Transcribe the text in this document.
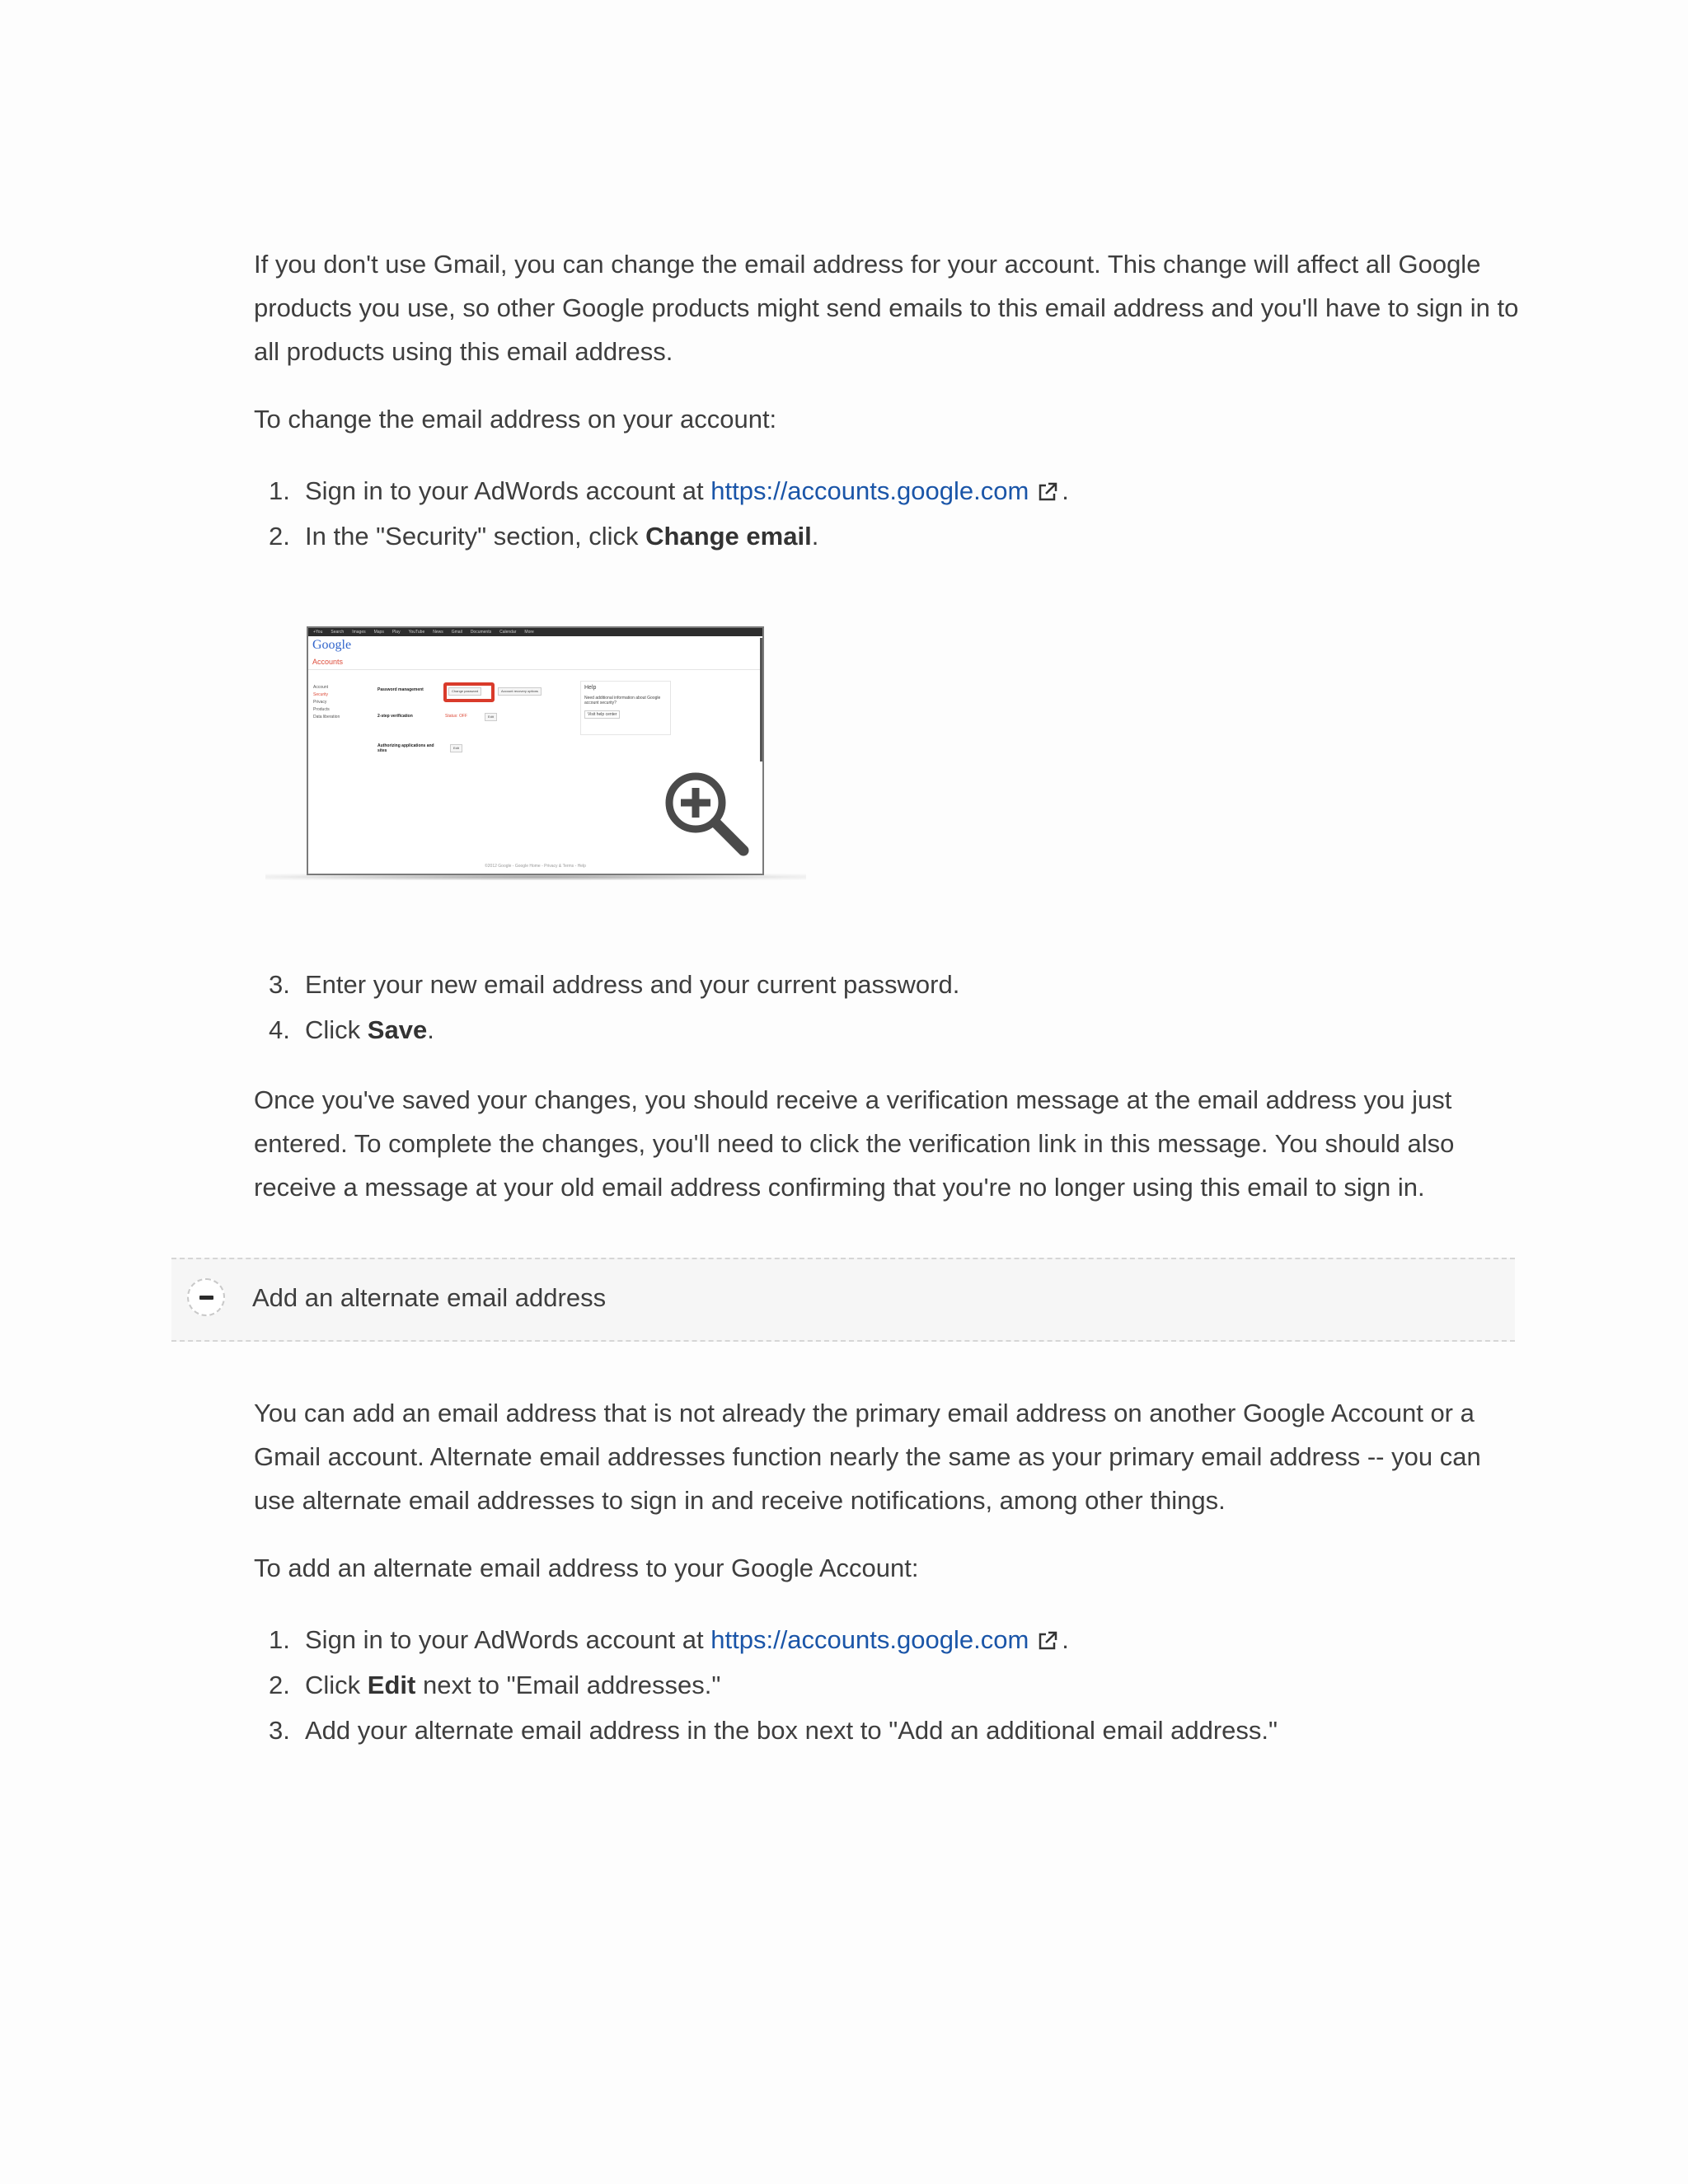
If you don't use Gmail, you can change the email address for your account. This change will affect all Google products you use, so other Google products might send emails to this email address and you'll have to sign in to all products using this email address.

To change the email address on your account:

1. Sign in to your AdWords account at https://accounts.google.com .
2. In the "Security" section, click Change email.
+You Search Images Maps Play YouTube News Gmail Documents Calendar More
Google
Accounts
Account
Security
Privacy
Products
Data liberation
Password management	Change password	Account recovery options
2-step verification	Status: OFF	Edit
Authorizing applications and sites
Edit
Help
Need additional information about Google account security?
Visit help center
©2012 Google - Google Home - Privacy & Terms - Help
3. Enter your new email address and your current password.
4. Click Save.

Once you've saved your changes, you should receive a verification message at the email address you just entered. To complete the changes, you'll need to click the verification link in this message. You should also receive a message at your old email address confirming that you're no longer using this email to sign in.

Add an alternate email address

You can add an email address that is not already the primary email address on another Google Account or a Gmail account. Alternate email addresses function nearly the same as your primary email address -- you can use alternate email addresses to sign in and receive notifications, among other things.

To add an alternate email address to your Google Account:

1. Sign in to your AdWords account at https://accounts.google.com .
2. Click Edit next to "Email addresses."
3. Add your alternate email address in the box next to "Add an additional email address."
